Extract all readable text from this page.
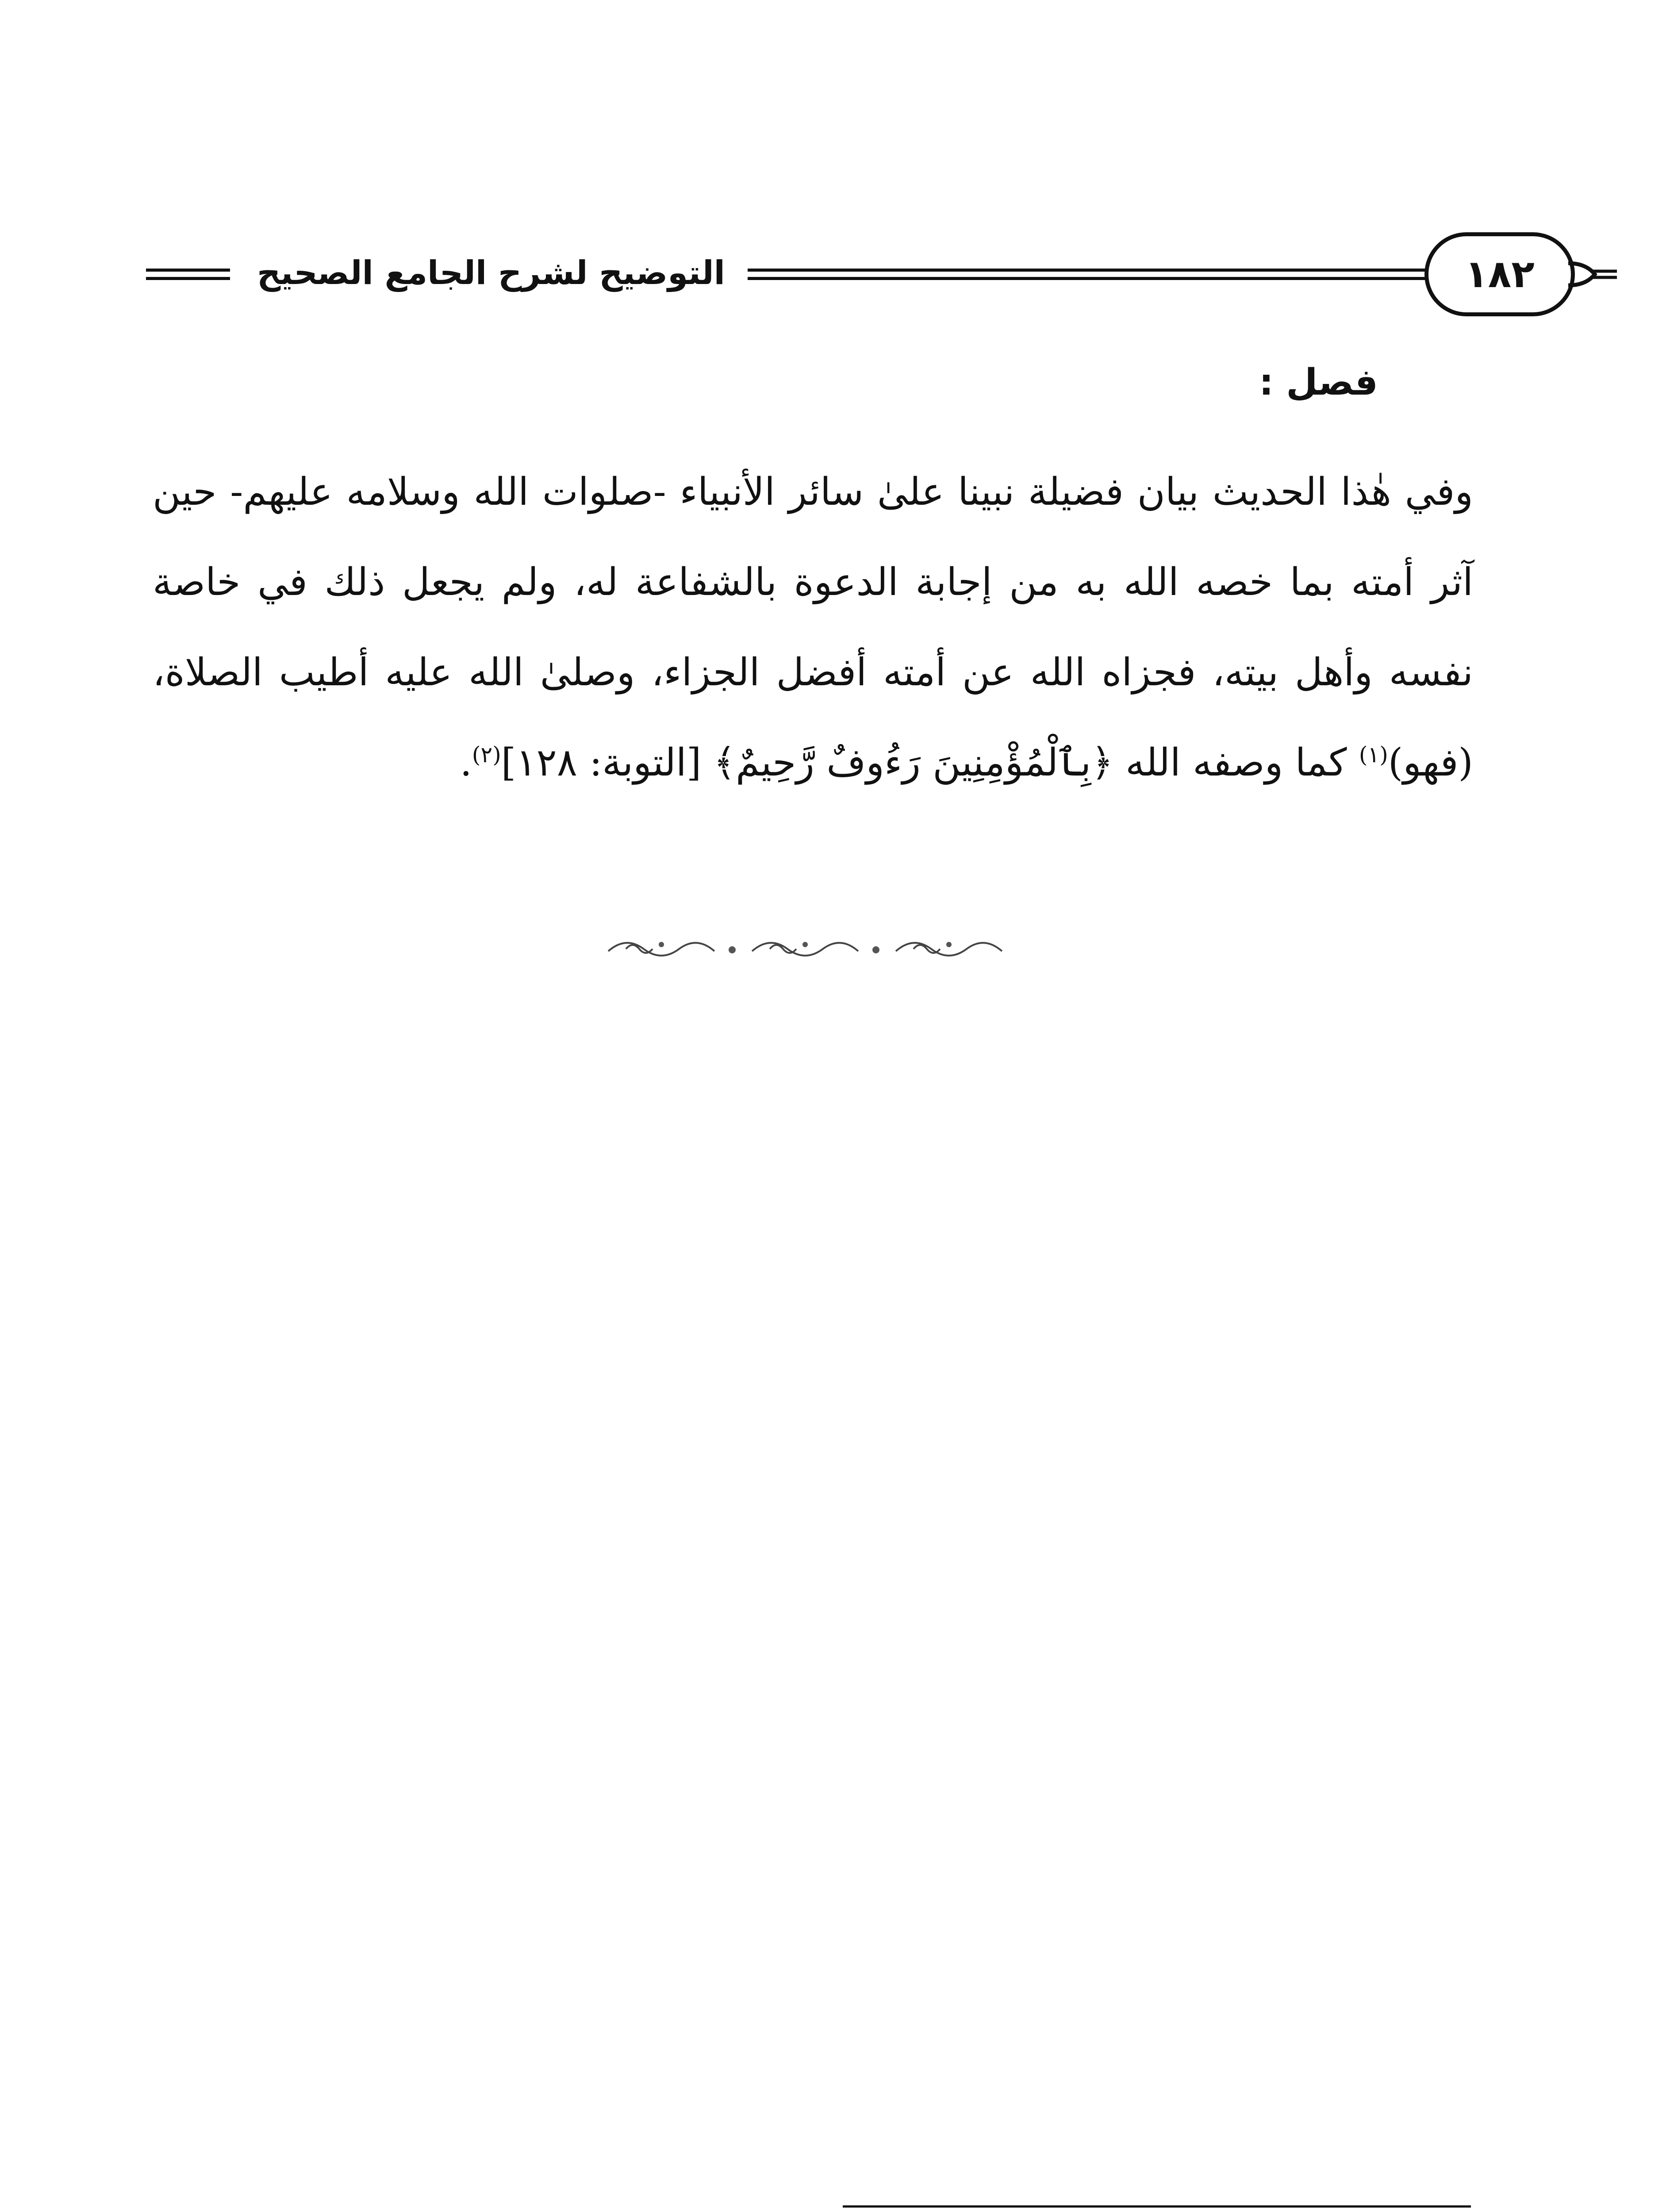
التوضيح لشرح الجامع الصحيح	١٨٢
فصل :

وفي هٰذا الحديث بيان فضيلة نبينا علىٰ سائر الأنبياء -صلوات الله وسلامه عليهم- حين آثر أمته بما خصه الله به من إجابة الدعوة بالشفاعة له، ولم يجعل ذلك في خاصة نفسه وأهل بيته، فجزاه الله عن أمته أفضل الجزاء، وصلىٰ الله عليه أطيب الصلاة، (فهو)$^{(١)}$ كما وصفه الله ﴿بِٱلْمُؤْمِنِينَ رَءُوفٌ رَّحِيمٌ﴾ [التوبة: ١٢٨]$^{(٢)}$.
